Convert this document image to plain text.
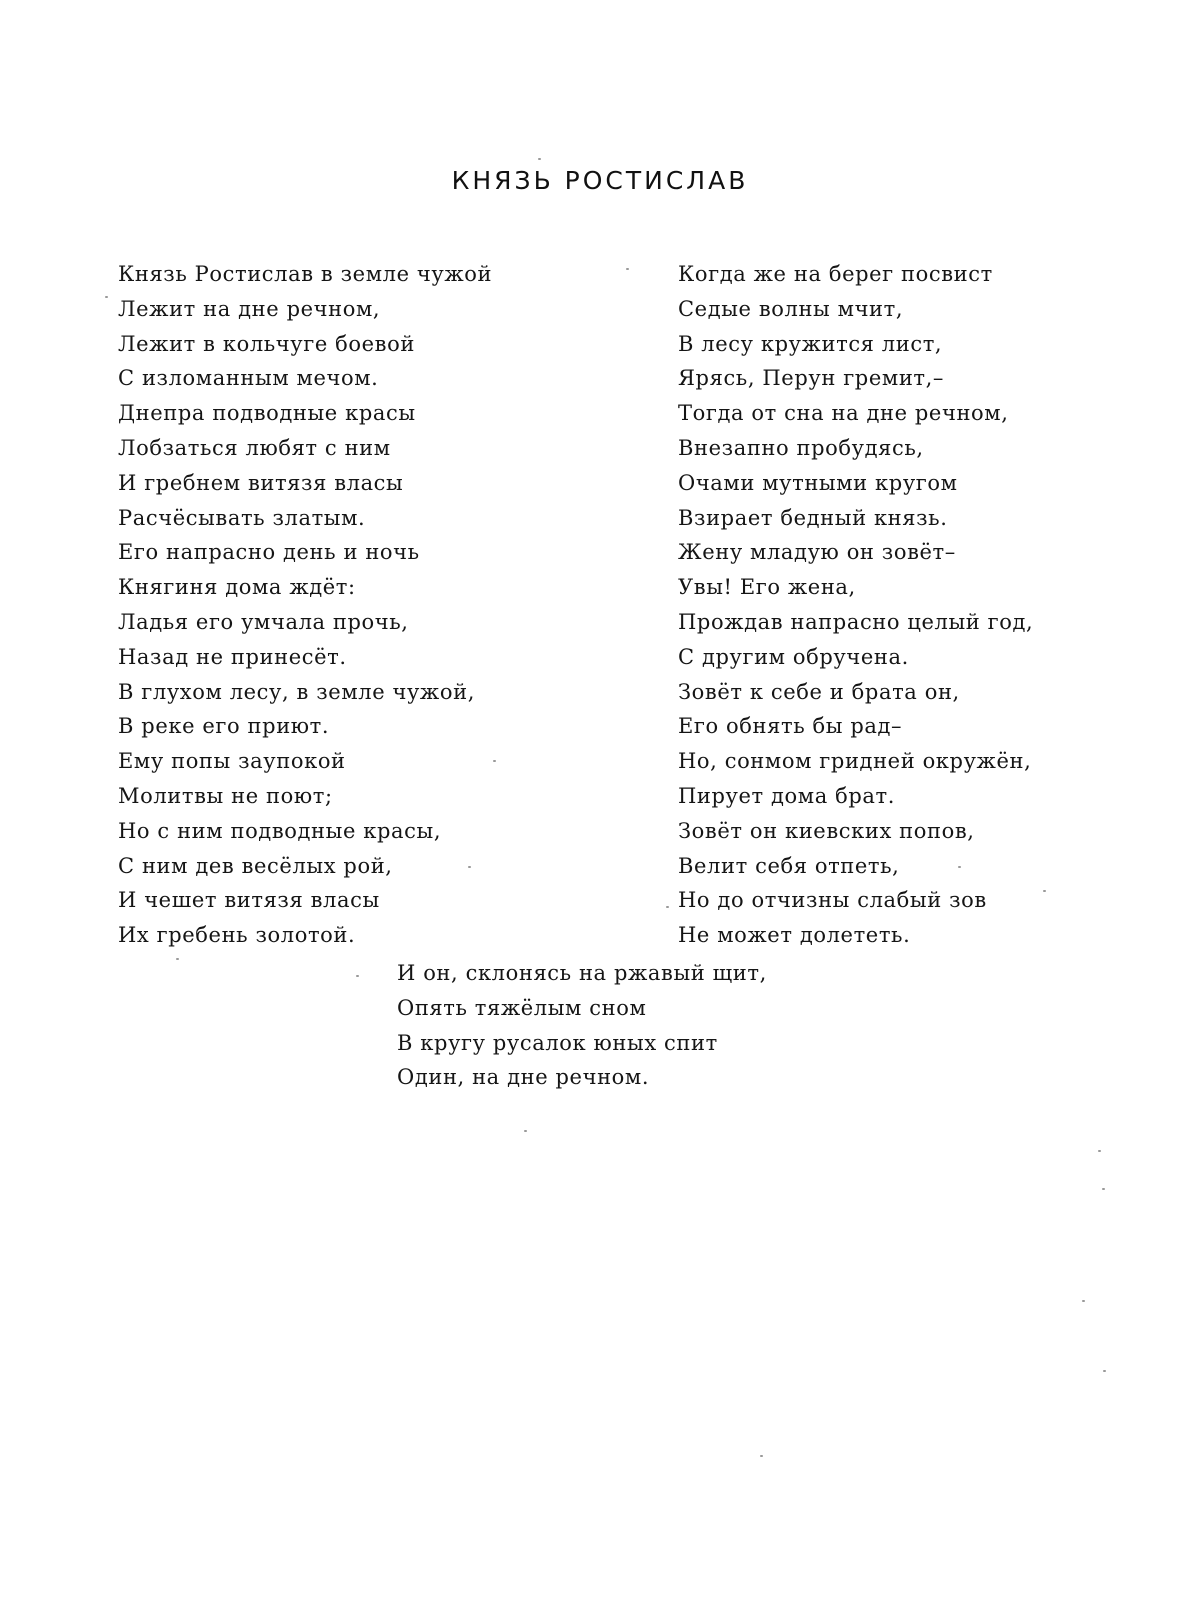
КНЯЗЬ РОСТИСЛАВ
Князь Ростислав в земле чужой
Лежит на дне речном,
Лежит в кольчуге боевой
С изломанным мечом.
Днепра подводные красы
Лобзаться любят с ним
И гребнем витязя власы
Расчёсывать златым.
Его напрасно день и ночь
Княгиня дома ждёт:
Ладья его умчала прочь,
Назад не принесёт.
В глухом лесу, в земле чужой,
В реке его приют.
Ему попы заупокой
Молитвы не поют;
Но с ним подводные красы,
С ним дев весёлых рой,
И чешет витязя власы
Их гребень золотой.
Когда же на берег посвист
Седые волны мчит,
В лесу кружится лист,
Ярясь, Перун гремит,–
Тогда от сна на дне речном,
Внезапно пробудясь,
Очами мутными кругом
Взирает бедный князь.
Жену младую он зовёт–
Увы! Его жена,
Прождав напрасно целый год,
С другим обручена.
Зовёт к себе и брата он,
Его обнять бы рад–
Но, сонмом гридней окружён,
Пирует дома брат.
Зовёт он киевских попов,
Велит себя отпеть,
Но до отчизны слабый зов
Не может долететь.
И он, склонясь на ржавый щит,
Опять тяжёлым сном
В кругу русалок юных спит
Один, на дне речном.
